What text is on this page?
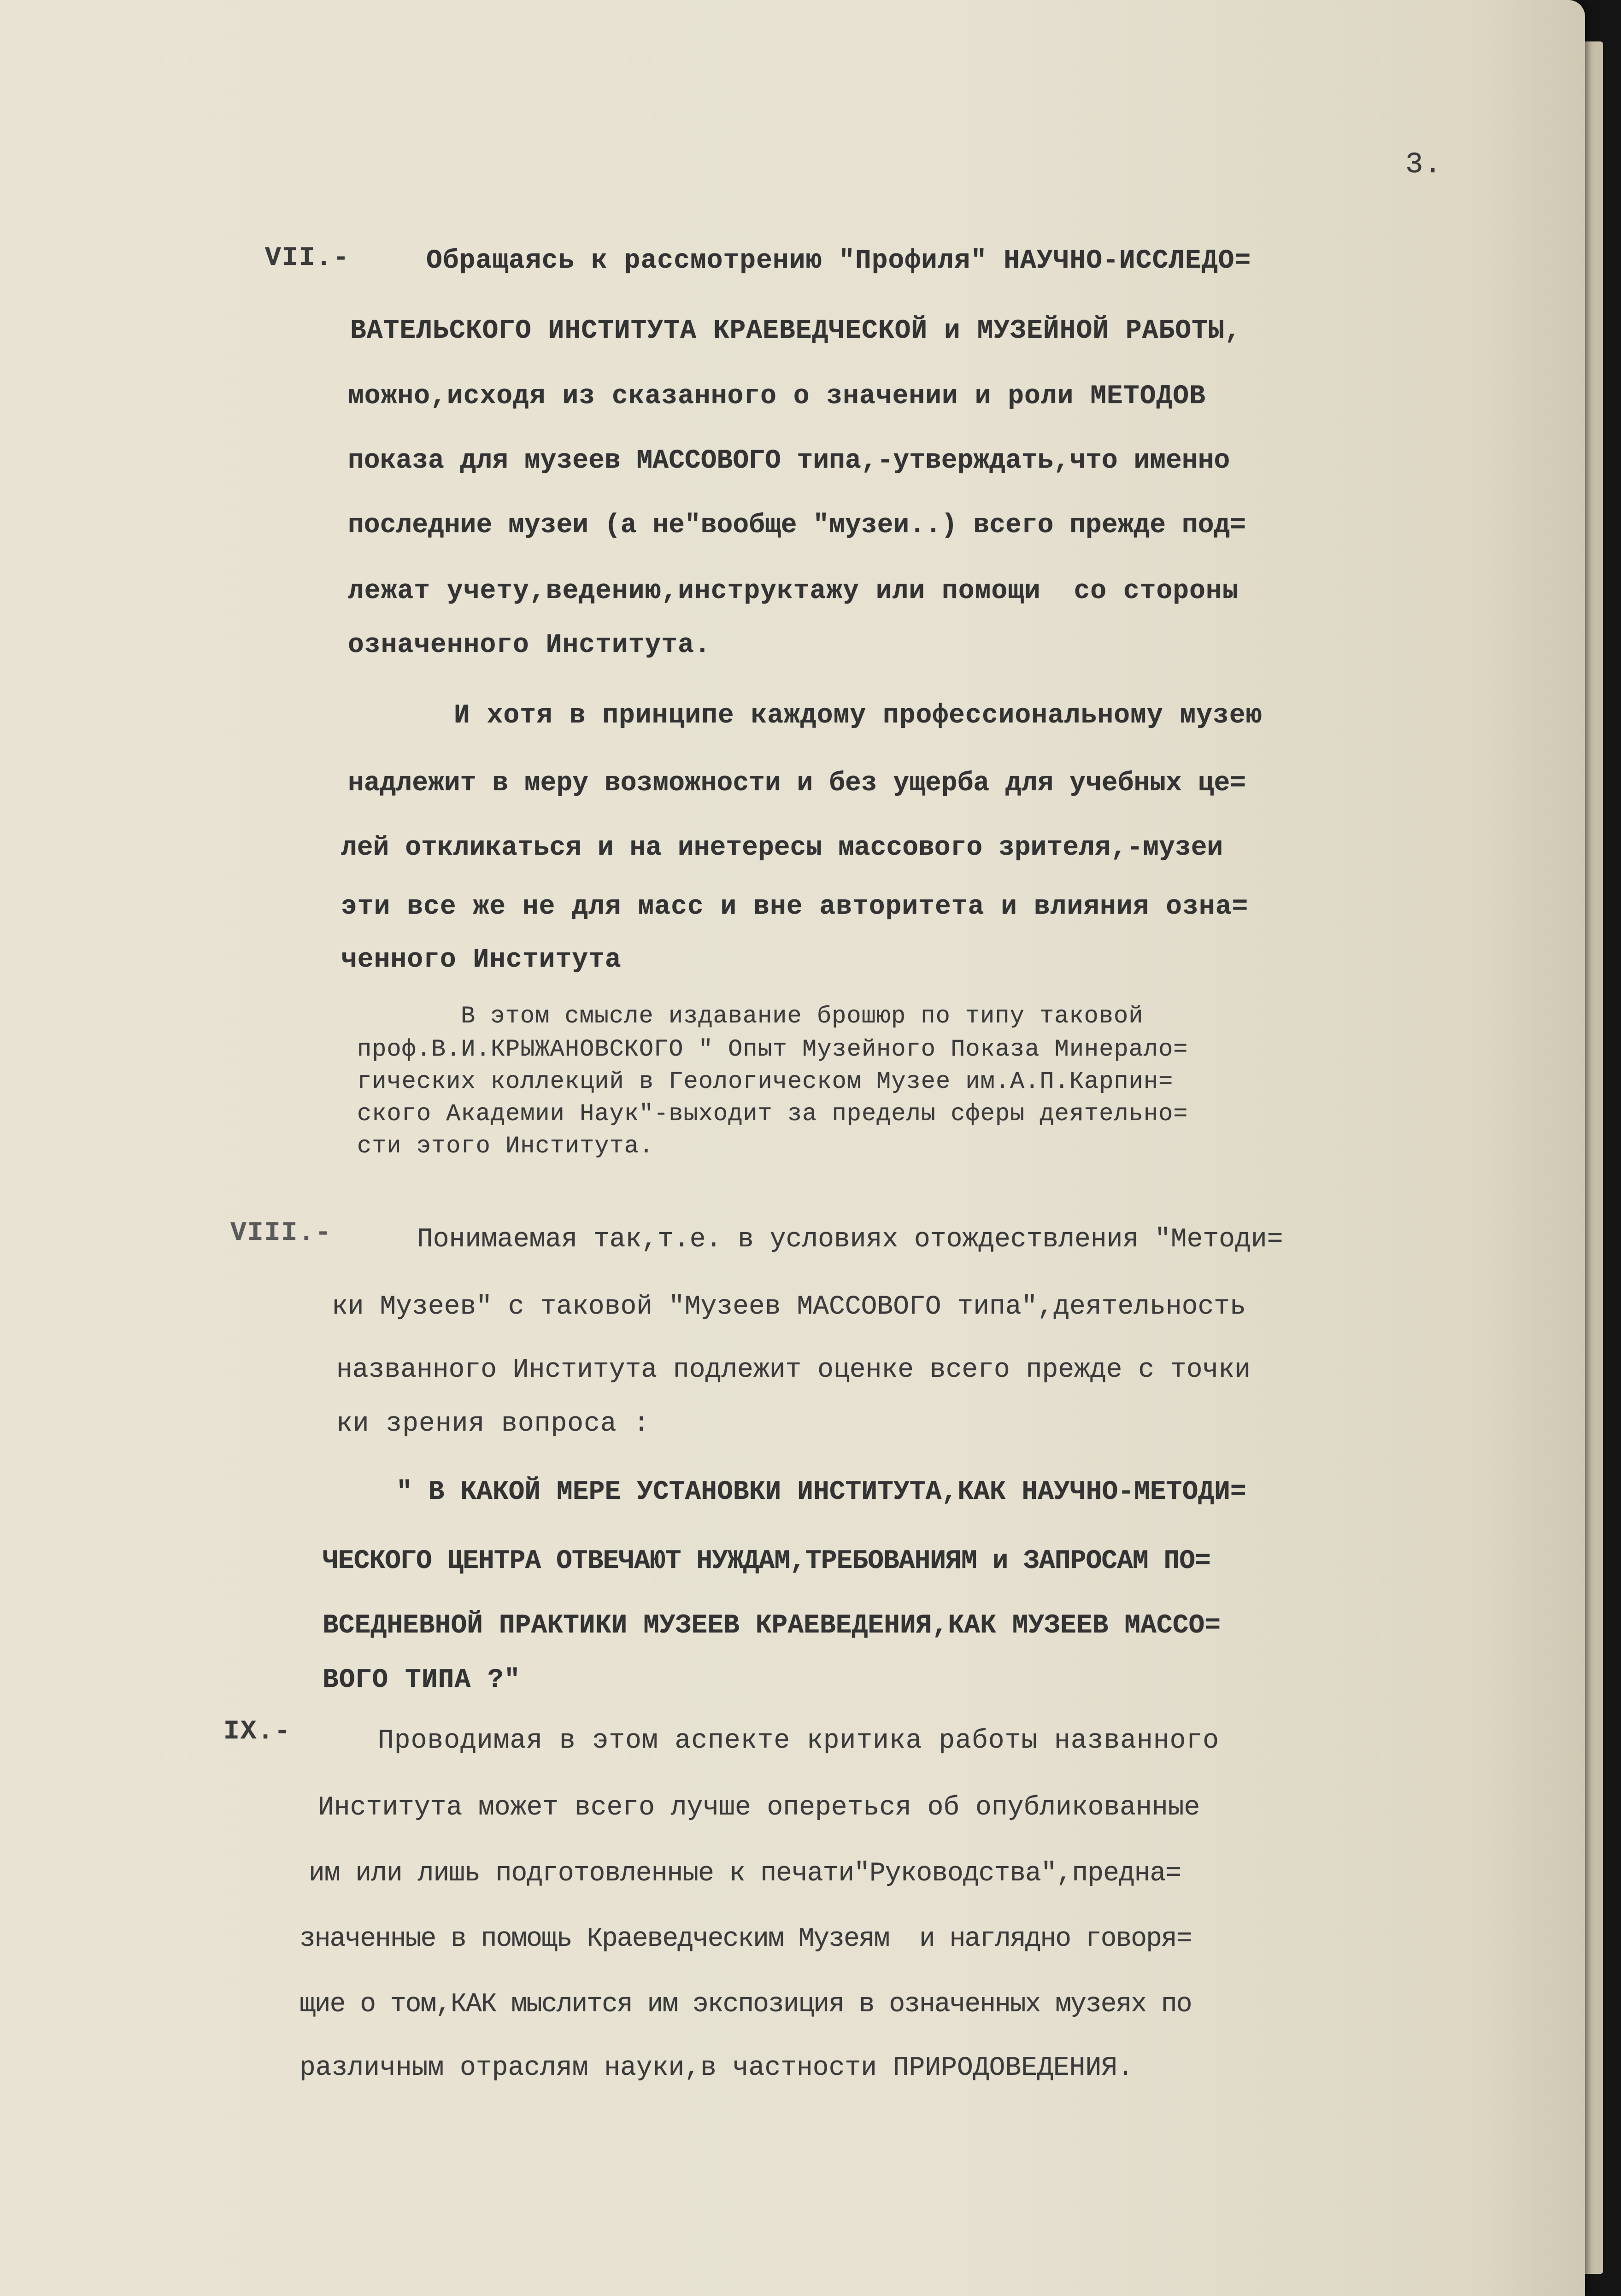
3.
VII.-	Обращаясь к рассмотрению "Профиля" НАУЧНО-ИССЛЕДО=
ВАТЕЛЬСКОГО ИНСТИТУТА КРАЕВЕДЧЕСКОЙ и МУЗЕЙНОЙ РАБОТЫ,
можно,исходя из сказанного о значении и роли МЕТОДОВ
показа для музеев МАССОВОГО типа,-утверждать,что именно
последние музеи (а не"вообще "музеи..) всего прежде под=
лежат учету,ведению,инструктажу или помощи  со стороны
означенного Института.
И хотя в принципе каждому профессиональному музею
надлежит в меру возможности и без ущерба для учебных це=
лей откликаться и на инетересы массового зрителя,-музеи
эти все же не для масс и вне авторитета и влияния озна=
ченного Института
В этом смысле издавание брошюр по типу таковой
проф.В.И.КРЫЖАНОВСКОГО " Опыт Музейного Показа Минерало=
гических коллекций в Геологическом Музее им.А.П.Карпин=
ского Академии Наук"-выходит за пределы сферы деятельно=
сти этого Института.
VIII.-	Понимаемая так,т.е. в условиях отождествления "Методи=
ки Музеев" с таковой "Музеев МАССОВОГО типа",деятельность
названного Института подлежит оценке всего прежде с точки
ки зрения вопроса :
" В КАКОЙ МЕРЕ УСТАНОВКИ ИНСТИТУТА,КАК НАУЧНО-МЕТОДИ=
ЧЕСКОГО ЦЕНТРА ОТВЕЧАЮТ НУЖДАМ,ТРЕБОВАНИЯМ и ЗАПРОСАМ ПО=
ВСЕДНЕВНОЙ ПРАКТИКИ МУЗЕЕВ КРАЕВЕДЕНИЯ,КАК МУЗЕЕВ МАССО=
ВОГО ТИПА ?"
IX.-	Проводимая в этом аспекте критика работы названного
Института может всего лучше опереться об опубликованные
им или лишь подготовленные к печати"Руководства",предна=
значенные в помощь Краеведческим Музеям  и наглядно говоря=
щие о том,КАК мыслится им экспозиция в означенных музеях по
различным отраслям науки,в частности ПРИРОДОВЕДЕНИЯ.
